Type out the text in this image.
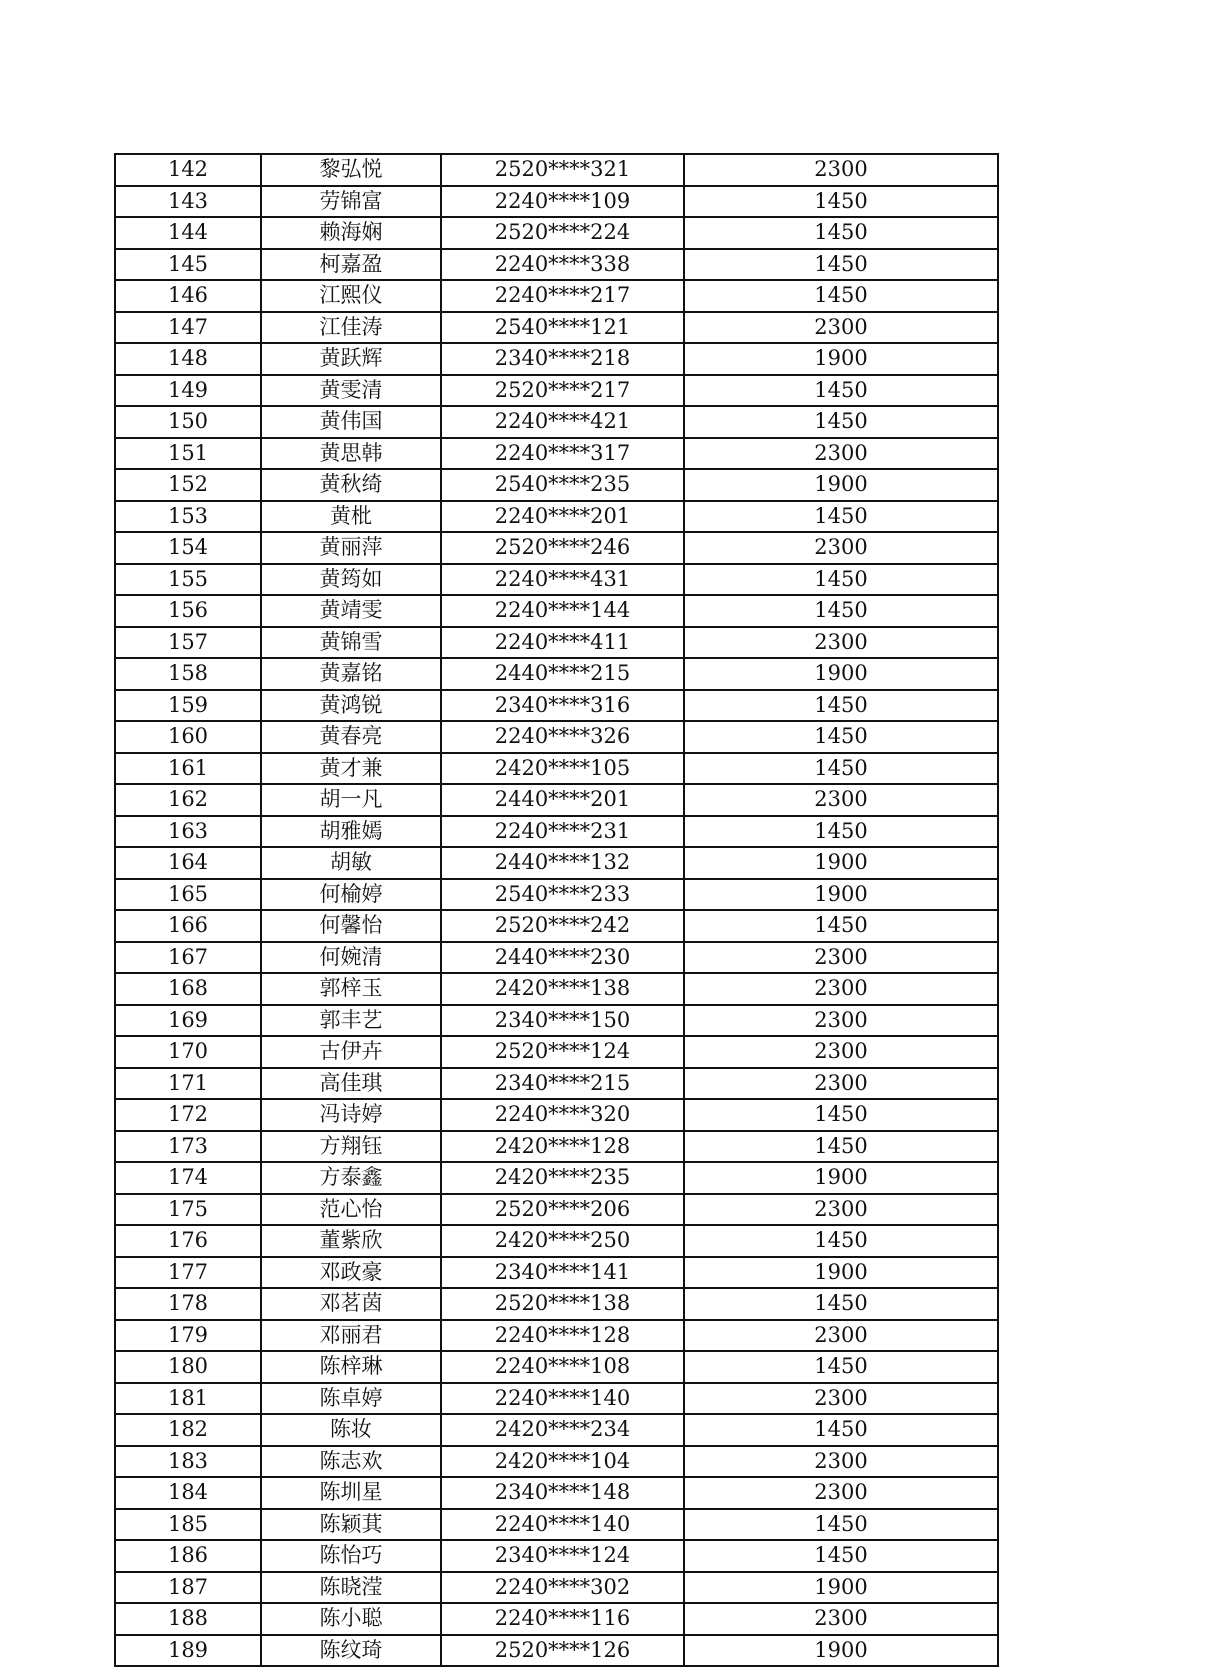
142	黎弘悦	2520****321	2300
143	劳锦富	2240****109	1450
144	赖海娴	2520****224	1450
145	柯嘉盈	2240****338	1450
146	江熙仪	2240****217	1450
147	江佳涛	2540****121	2300
148	黄跃辉	2340****218	1900
149	黄雯清	2520****217	1450
150	黄伟国	2240****421	1450
151	黄思韩	2240****317	2300
152	黄秋绮	2540****235	1900
153	黄枇	2240****201	1450
154	黄丽萍	2520****246	2300
155	黄筠如	2240****431	1450
156	黄靖雯	2240****144	1450
157	黄锦雪	2240****411	2300
158	黄嘉铭	2440****215	1900
159	黄鸿锐	2340****316	1450
160	黄春亮	2240****326	1450
161	黄才兼	2420****105	1450
162	胡一凡	2440****201	2300
163	胡雅嫣	2240****231	1450
164	胡敏	2440****132	1900
165	何榆婷	2540****233	1900
166	何馨怡	2520****242	1450
167	何婉清	2440****230	2300
168	郭梓玉	2420****138	2300
169	郭丰艺	2340****150	2300
170	古伊卉	2520****124	2300
171	高佳琪	2340****215	2300
172	冯诗婷	2240****320	1450
173	方翔钰	2420****128	1450
174	方泰鑫	2420****235	1900
175	范心怡	2520****206	2300
176	董紫欣	2420****250	1450
177	邓政豪	2340****141	1900
178	邓茗茵	2520****138	1450
179	邓丽君	2240****128	2300
180	陈梓琳	2240****108	1450
181	陈卓婷	2240****140	2300
182	陈妆	2420****234	1450
183	陈志欢	2420****104	2300
184	陈圳星	2340****148	2300
185	陈颖萁	2240****140	1450
186	陈怡巧	2340****124	1450
187	陈晓滢	2240****302	1900
188	陈小聪	2240****116	2300
189	陈纹琦	2520****126	1900
